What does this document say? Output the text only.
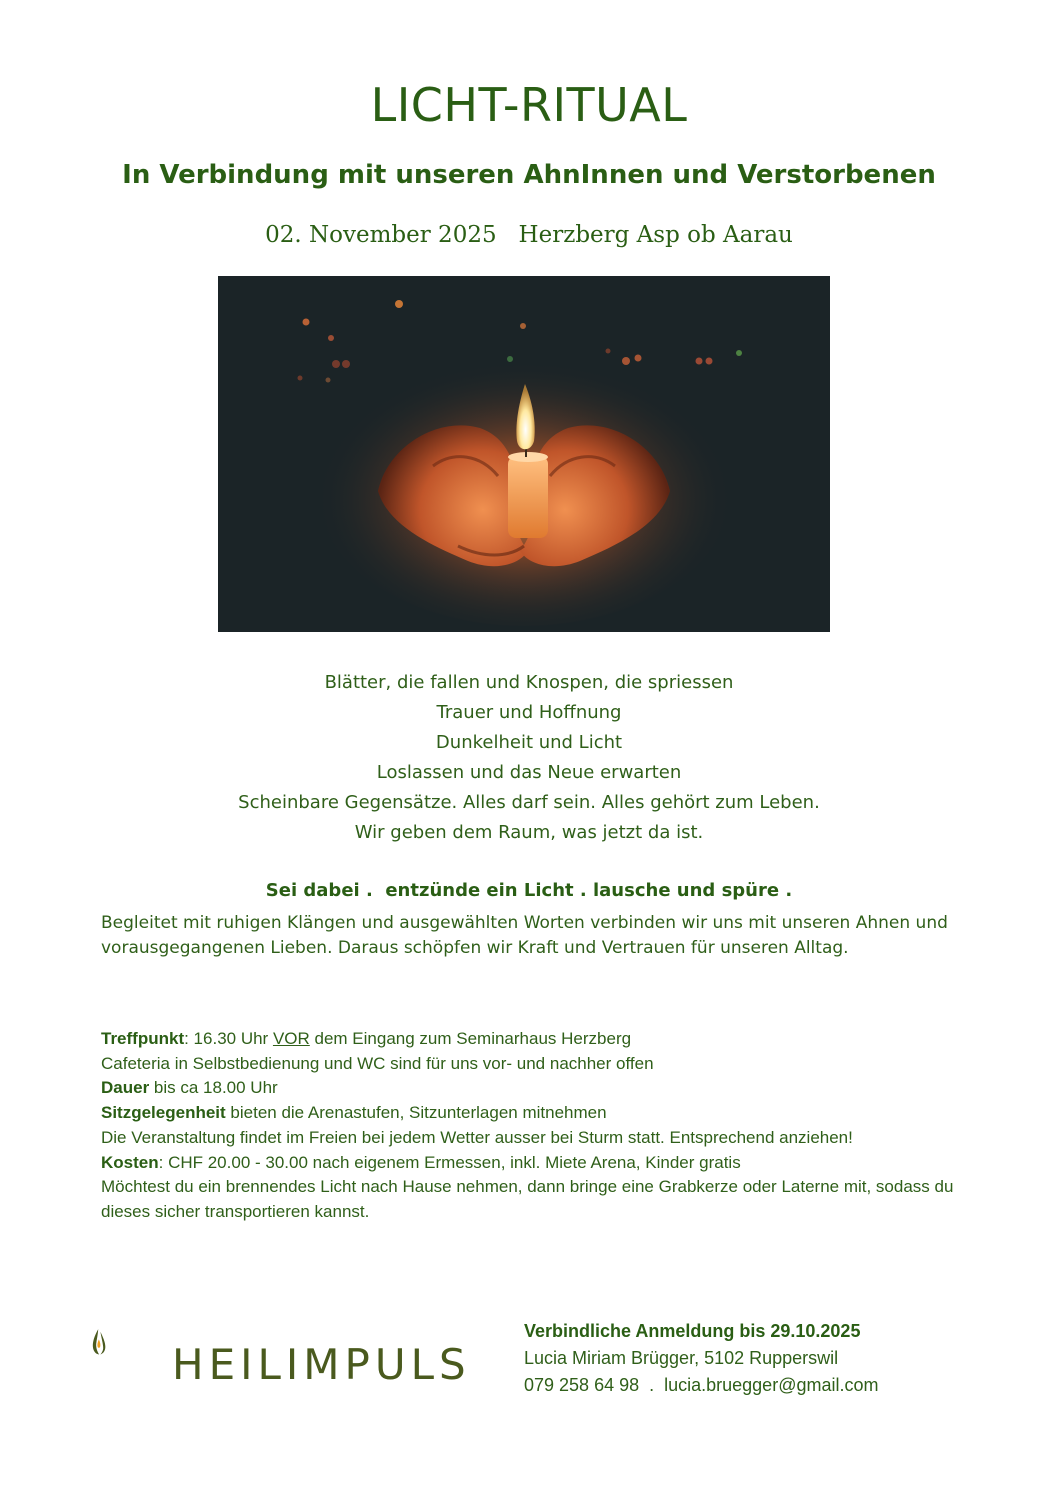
LICHT-RITUAL
In Verbindung mit unseren AhnInnen und Verstorbenen
02. November 2025 Herzberg Asp ob Aarau
Blätter, die fallen und Knospen, die spriessen
Trauer und Hoffnung
Dunkelheit und Licht
Loslassen und das Neue erwarten
Scheinbare Gegensätze. Alles darf sein. Alles gehört zum Leben.
Wir geben dem Raum, was jetzt da ist.
Sei dabei .  entzünde ein Licht . lausche und spüre .
Begleitet mit ruhigen Klängen und ausgewählten Worten verbinden wir uns mit unseren Ahnen und vorausgegangenen Lieben. Daraus schöpfen wir Kraft und Vertrauen für unseren Alltag.
Treffpunkt: 16.30 Uhr VOR dem Eingang zum Seminarhaus Herzberg
Cafeteria in Selbstbedienung und WC sind für uns vor- und nachher offen
Dauer bis ca 18.00 Uhr
Sitzgelegenheit bieten die Arenastufen, Sitzunterlagen mitnehmen
Die Veranstaltung findet im Freien bei jedem Wetter ausser bei Sturm statt. Entsprechend anziehen!
Kosten: CHF 20.00 - 30.00 nach eigenem Ermessen, inkl. Miete Arena, Kinder gratis
Möchtest du ein brennendes Licht nach Hause nehmen, dann bringe eine Grabkerze oder Laterne mit, sodass du dieses sicher transportieren kannst.
HEILIMPULS
Verbindliche Anmeldung bis 29.10.2025
Lucia Miriam Brügger, 5102 Rupperswil
079 258 64 98  .  lucia.bruegger@gmail.com
